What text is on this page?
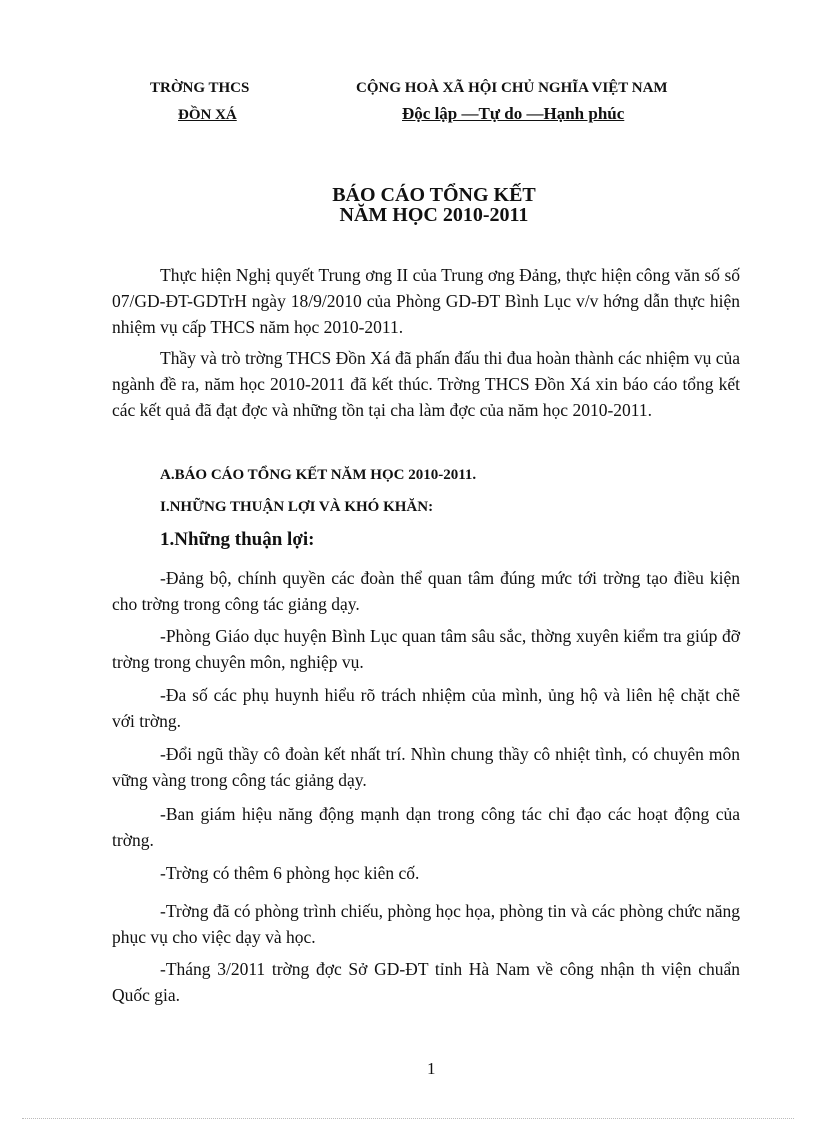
TRỜNG THCS
ĐỒN XÁ
CỘNG HOÀ XÃ HỘI CHỦ NGHĨA VIỆT NAM
Độc lập —Tự do —Hạnh phúc
BÁO CÁO TỔNG KẾT
NĂM HỌC 2010-2011
Thực hiện Nghị quyết Trung ơng II của Trung ơng Đảng, thực hiện công văn số số 07/GD-ĐT-GDTrH ngày 18/9/2010 của Phòng GD-ĐT Bình Lục v/v hớng dẫn thực hiện nhiệm vụ cấp THCS năm học 2010-2011.
Thầy và trò trờng THCS Đồn Xá đã phấn đấu thi đua hoàn thành các nhiệm vụ của ngành đề ra, năm học 2010-2011 đã kết thúc. Trờng THCS Đồn Xá xin báo cáo tổng kết các kết quả đã đạt đợc và những tồn tại cha làm đợc của năm học 2010-2011.
A.BÁO CÁO TỔNG KẾT NĂM HỌC 2010-2011.
I.NHỮNG THUẬN LỢI VÀ KHÓ KHĂN:
1.Những thuận lợi:
-Đảng bộ, chính quyền các đoàn thể quan tâm đúng mức tới trờng tạo điều kiện cho trờng trong công tác giảng dạy.
-Phòng Giáo dục huyện Bình Lục quan tâm sâu sắc, thờng xuyên kiểm tra giúp đỡ trờng trong chuyên môn, nghiệp vụ.
-Đa số các phụ huynh hiểu rõ trách nhiệm của mình, ủng hộ và liên hệ chặt chẽ với trờng.
-Đổi ngũ thầy cô đoàn kết nhất trí. Nhìn chung thầy cô nhiệt tình, có chuyên môn vững vàng trong công tác giảng dạy.
-Ban giám hiệu năng động mạnh dạn trong công tác chỉ đạo các hoạt động của trờng.
-Trờng có thêm 6 phòng học kiên cố.
-Trờng đã có phòng trình chiếu, phòng học họa, phòng tin và các phòng chức năng phục vụ cho việc dạy và học.
-Tháng 3/2011 trờng đợc Sở GD-ĐT tỉnh Hà Nam về công nhận th viện chuẩn Quốc gia.
1
